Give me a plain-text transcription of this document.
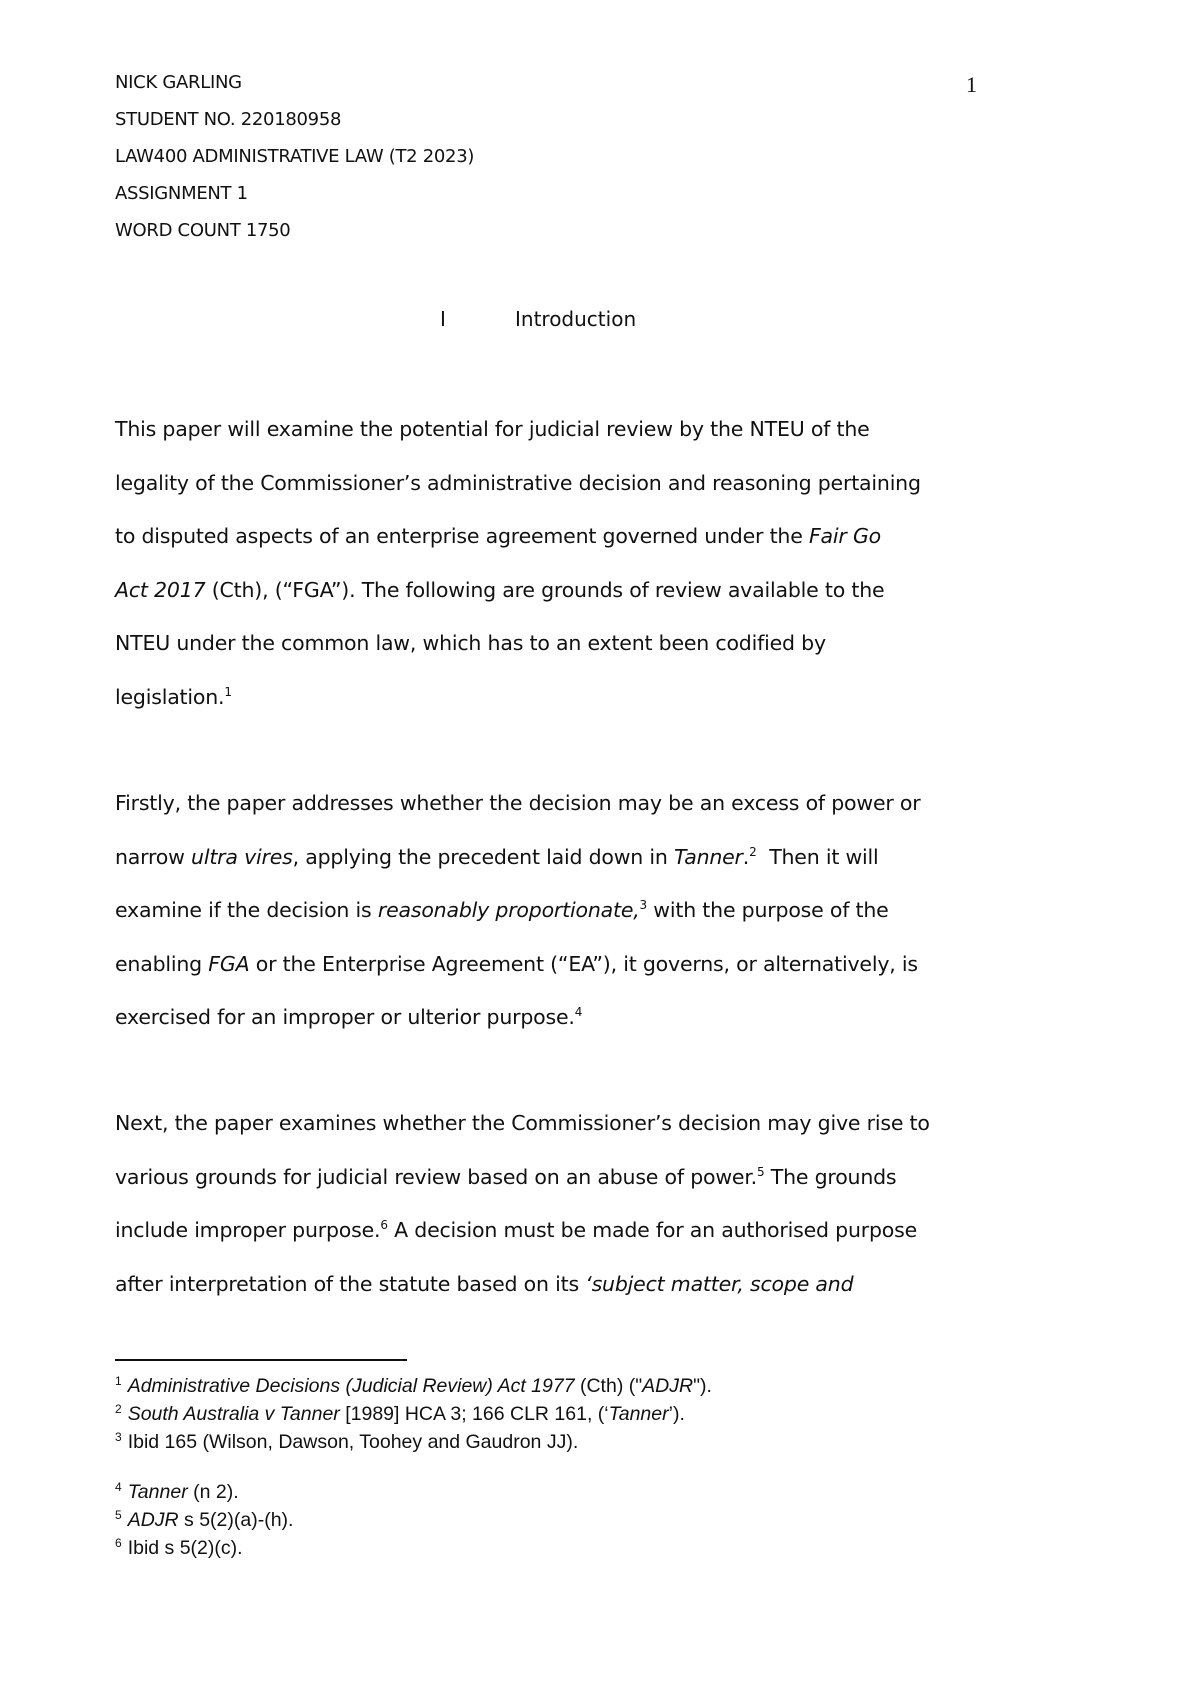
1
NICK GARLING
STUDENT NO. 220180958
LAW400 ADMINISTRATIVE LAW (T2 2023)
ASSIGNMENT 1
WORD COUNT 1750
I	Introduction

This paper will examine the potential for judicial review by the NTEU of the

legality of the Commissioner’s administrative decision and reasoning pertaining

to disputed aspects of an enterprise agreement governed under the Fair Go

Act 2017 (Cth), (“FGA”). The following are grounds of review available to the

NTEU under the common law, which has to an extent been codified by

legislation.$^1$

Firstly, the paper addresses whether the decision may be an excess of power or

narrow ultra vires, applying the precedent laid down in Tanner.$^2$  Then it will

examine if the decision is reasonably proportionate,$^3$ with the purpose of the

enabling FGA or the Enterprise Agreement (“EA”), it governs, or alternatively, is

exercised for an improper or ulterior purpose.$^4$

Next, the paper examines whether the Commissioner’s decision may give rise to

various grounds for judicial review based on an abuse of power.$^5$ The grounds

include improper purpose.$^6$ A decision must be made for an authorised purpose

after interpretation of the statute based on its ‘subject matter, scope and

$^1$ Administrative Decisions (Judicial Review) Act 1977 (Cth) ("ADJR").
$^2$ South Australia v Tanner [1989] HCA 3; 166 CLR 161, (‘Tanner’).
$^3$ Ibid 165 (Wilson, Dawson, Toohey and Gaudron JJ).
$^4$ Tanner (n 2).
$^5$ ADJR s 5(2)(a)-(h).
$^6$ Ibid s 5(2)(c).
